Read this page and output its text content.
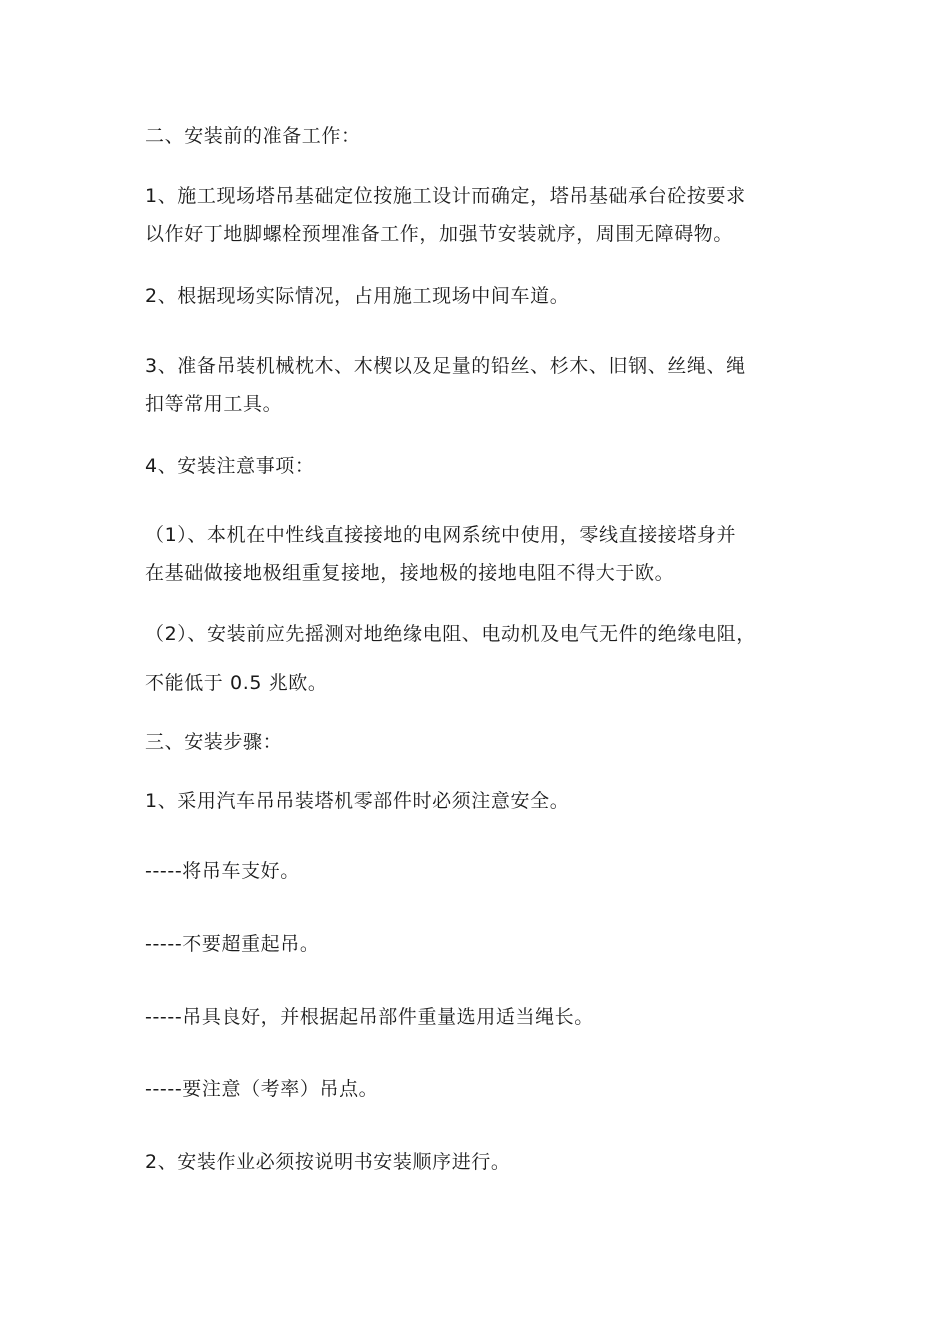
二、安装前的准备工作：
1、施工现场塔吊基础定位按施工设计而确定，塔吊基础承台砼按要求
以作好丁地脚螺栓预埋准备工作，加强节安装就序，周围无障碍物。
2、根据现场实际情况，占用施工现场中间车道。
3、准备吊装机械枕木、木楔以及足量的铅丝、杉木、旧钢、丝绳、绳
扣等常用工具。
4、安装注意事项：
（1）、本机在中性线直接接地的电网系统中使用，零线直接接塔身并
在基础做接地极组重复接地，接地极的接地电阻不得大于欧。
（2）、安装前应先摇测对地绝缘电阻、电动机及电气无件的绝缘电阻，
不能低于 0.5 兆欧。
三、安装步骤：
1、采用汽车吊吊装塔机零部件时必须注意安全。
-----将吊车支好。
-----不要超重起吊。
-----吊具良好，并根据起吊部件重量选用适当绳长。
-----要注意（考率）吊点。
2、安装作业必须按说明书安装顺序进行。
